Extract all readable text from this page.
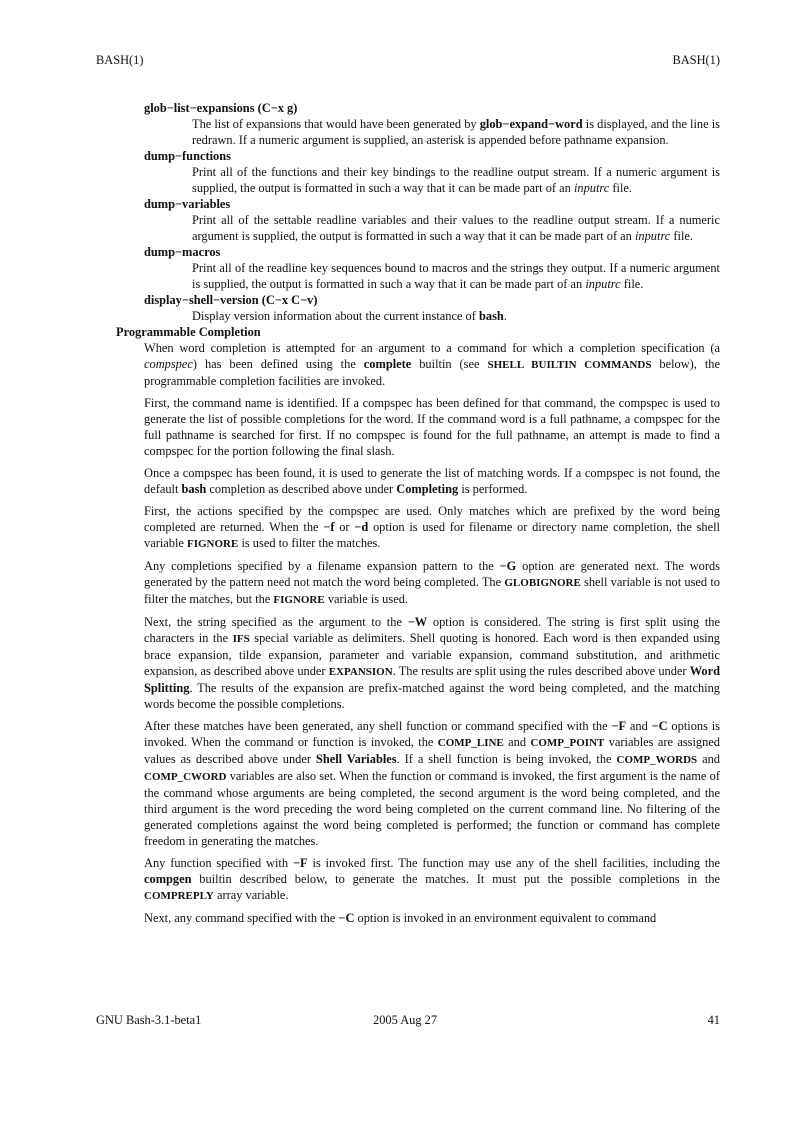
BASH(1)	BASH(1)
glob−list−expansions (C−x g)
The list of expansions that would have been generated by glob−expand−word is displayed, and the line is redrawn. If a numeric argument is supplied, an asterisk is appended before pathname expansion.
dump−functions
Print all of the functions and their key bindings to the readline output stream. If a numeric argument is supplied, the output is formatted in such a way that it can be made part of an inputrc file.
dump−variables
Print all of the settable readline variables and their values to the readline output stream. If a numeric argument is supplied, the output is formatted in such a way that it can be made part of an inputrc file.
dump−macros
Print all of the readline key sequences bound to macros and the strings they output. If a numeric argument is supplied, the output is formatted in such a way that it can be made part of an inputrc file.
display−shell−version (C−x C−v)
Display version information about the current instance of bash.
Programmable Completion
When word completion is attempted for an argument to a command for which a completion specification (a compspec) has been defined using the complete builtin (see SHELL BUILTIN COMMANDS below), the programmable completion facilities are invoked.
First, the command name is identified. If a compspec has been defined for that command, the compspec is used to generate the list of possible completions for the word. If the command word is a full pathname, a compspec for the full pathname is searched for first. If no compspec is found for the full pathname, an attempt is made to find a compspec for the portion following the final slash.
Once a compspec has been found, it is used to generate the list of matching words. If a compspec is not found, the default bash completion as described above under Completing is performed.
First, the actions specified by the compspec are used. Only matches which are prefixed by the word being completed are returned. When the −f or −d option is used for filename or directory name completion, the shell variable FIGNORE is used to filter the matches.
Any completions specified by a filename expansion pattern to the −G option are generated next. The words generated by the pattern need not match the word being completed. The GLOBIGNORE shell variable is not used to filter the matches, but the FIGNORE variable is used.
Next, the string specified as the argument to the −W option is considered. The string is first split using the characters in the IFS special variable as delimiters. Shell quoting is honored. Each word is then expanded using brace expansion, tilde expansion, parameter and variable expansion, command substitution, and arithmetic expansion, as described above under EXPANSION. The results are split using the rules described above under Word Splitting. The results of the expansion are prefix-matched against the word being completed, and the matching words become the possible completions.
After these matches have been generated, any shell function or command specified with the −F and −C options is invoked. When the command or function is invoked, the COMP_LINE and COMP_POINT variables are assigned values as described above under Shell Variables. If a shell function is being invoked, the COMP_WORDS and COMP_CWORD variables are also set. When the function or command is invoked, the first argument is the name of the command whose arguments are being completed, the second argument is the word being completed, and the third argument is the word preceding the word being completed on the current command line. No filtering of the generated completions against the word being completed is performed; the function or command has complete freedom in generating the matches.
Any function specified with −F is invoked first. The function may use any of the shell facilities, including the compgen builtin described below, to generate the matches. It must put the possible completions in the COMPREPLY array variable.
Next, any command specified with the −C option is invoked in an environment equivalent to command
GNU Bash-3.1-beta1	2005 Aug 27	41
